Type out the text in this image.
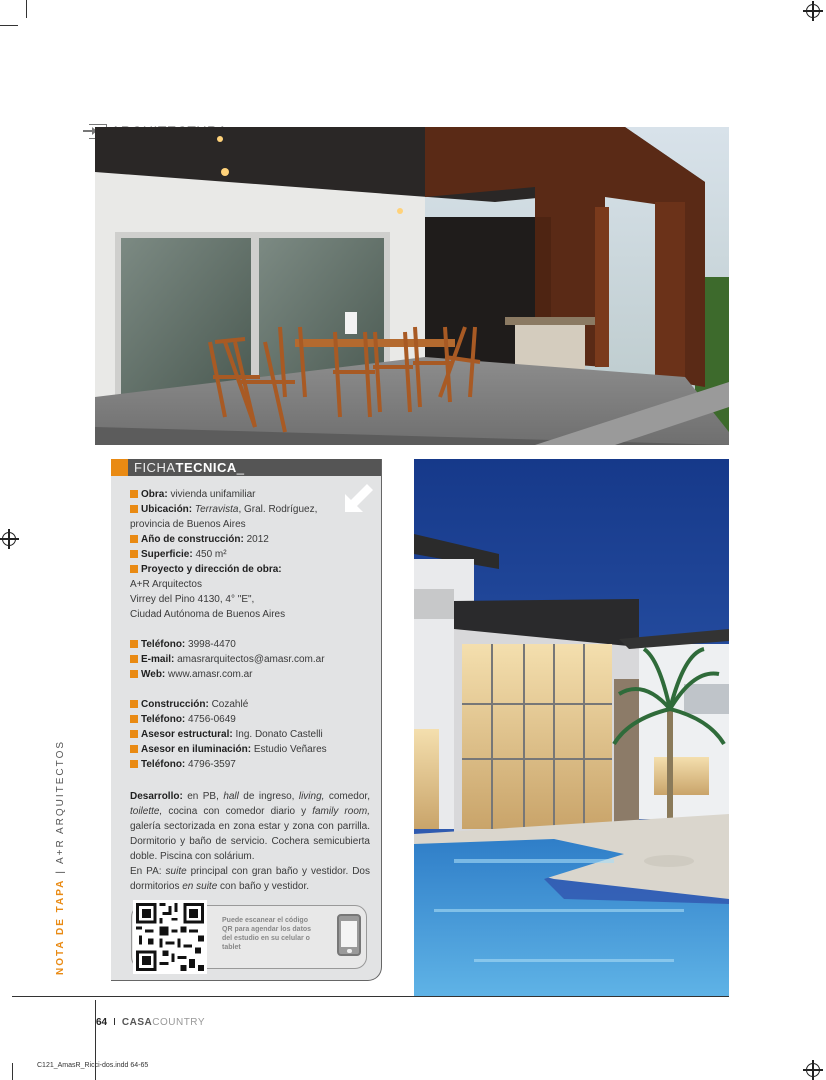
NOTA DE TAPA|A+R ARQUITECTOS
FICHA TECNICA _
Obra: vivienda unifamiliar
Ubicación: Terravista, Gral. Rodríguez,
provincia de Buenos Aires
Año de construcción: 2012
Superficie: 450 m²
Proyecto y dirección de obra:
A+R Arquitectos
Virrey del Pino 4130, 4° "E",
Ciudad Autónoma de Buenos Aires
Teléfono: 3998-4470
E-mail: amasrarquitectos@amasr.com.ar
Web: www.amasr.com.ar
Construcción: Cozahlé
Teléfono: 4756-0649
Asesor estructural: Ing. Donato Castelli
Asesor en iluminación: Estudio Veñares
Teléfono: 4796-3597
Desarrollo: en PB, hall de ingreso, living, comedor, toilette, cocina con comedor diario y family room, galería sectorizada en zona estar y zona con parrilla. Dormitorio y baño de servicio. Cochera semicubierta doble. Piscina con solárium.
En PA: suite principal con gran baño y vestidor. Dos dormitorios en suite con baño y vestidor.
Puede escanear el código QR para agendar los datos del estudio en su celular o tablet
64 I CASA COUNTRY
C121_AmasR_Ricci-dos.indd 64-65
